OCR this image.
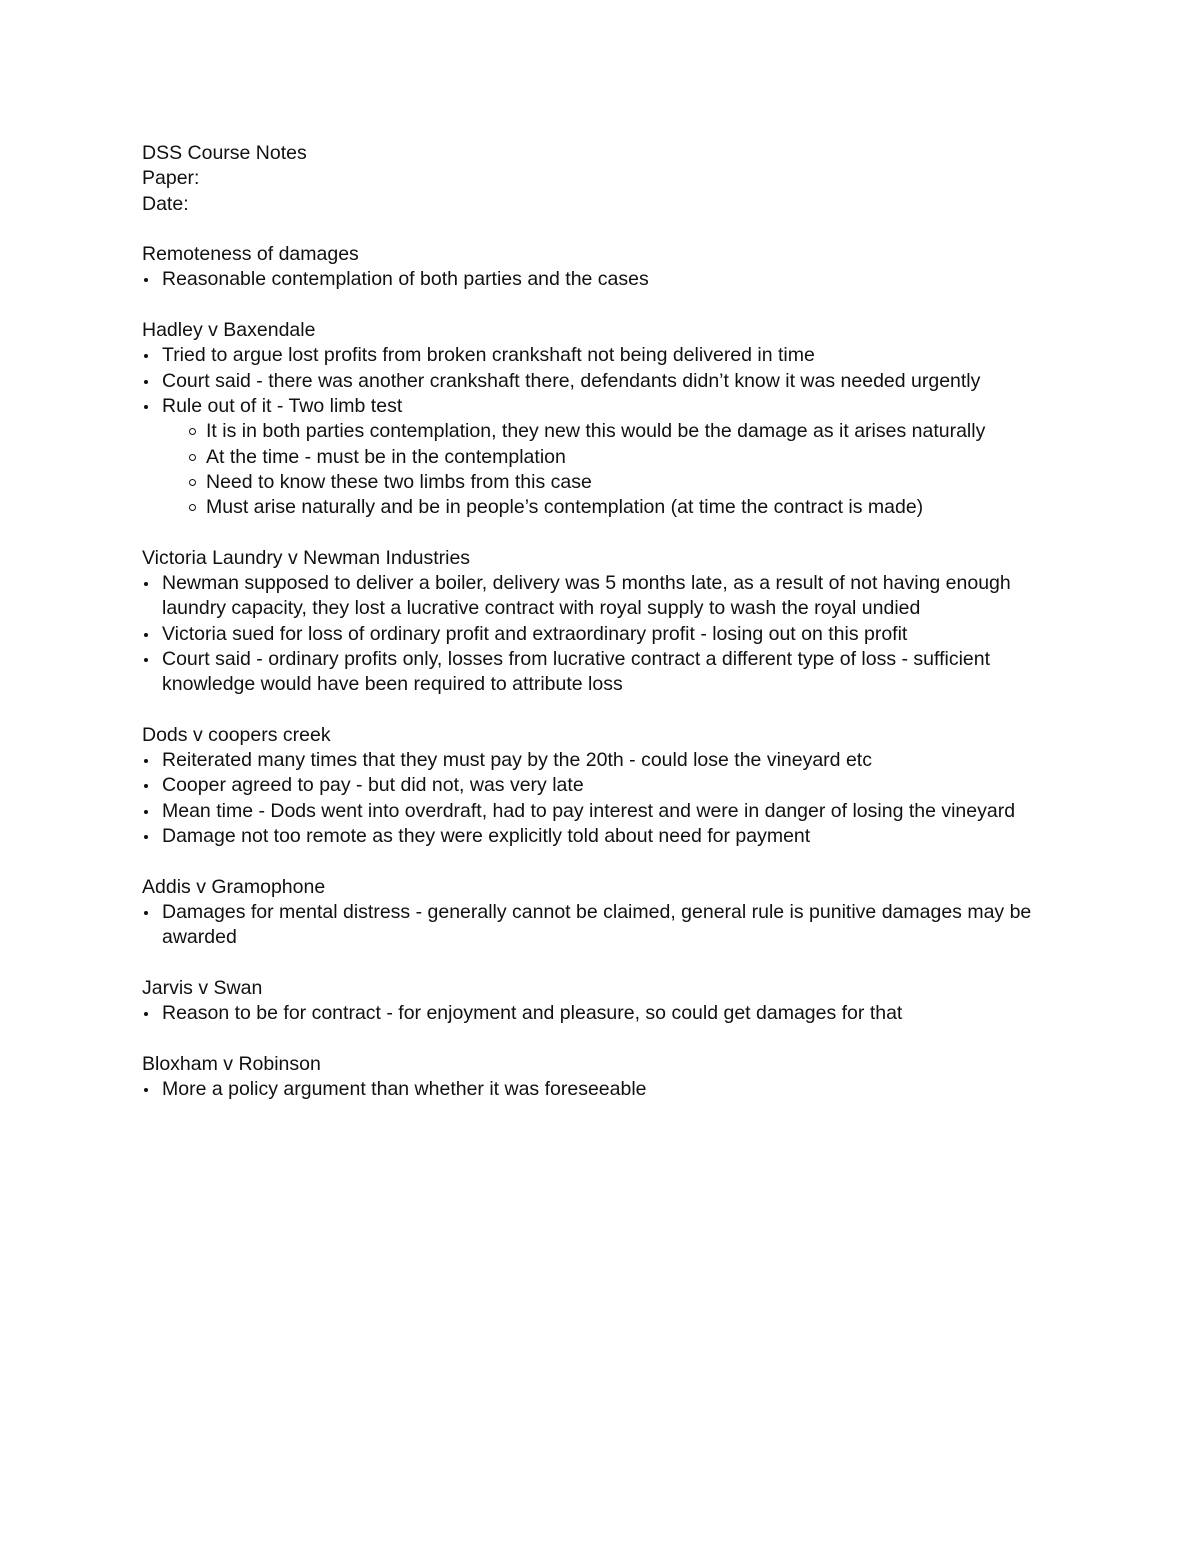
DSS Course Notes
Paper:
Date:
Remoteness of damages
Reasonable contemplation of both parties and the cases
Hadley v Baxendale
Tried to argue lost profits from broken crankshaft not being delivered in time
Court said - there was another crankshaft there, defendants didn’t know it was needed urgently
Rule out of it - Two limb test
It is in both parties contemplation, they new this would be the damage as it arises naturally
At the time - must be in the contemplation
Need to know these two limbs from this case
Must arise naturally and be in people’s contemplation (at time the contract is made)
Victoria Laundry v Newman Industries
Newman supposed to deliver a boiler, delivery was 5 months late, as a result of not having enough laundry capacity, they lost a lucrative contract with royal supply to wash the royal undied
Victoria sued for loss of ordinary profit and extraordinary profit - losing out on this profit
Court said - ordinary profits only, losses from lucrative contract a different type of loss - sufficient knowledge would have been required to attribute loss
Dods v coopers creek
Reiterated many times that they must pay by the 20th - could lose the vineyard etc
Cooper agreed to pay - but did not, was very late
Mean time - Dods went into overdraft, had to pay interest and were in danger of losing the vineyard
Damage not too remote as they were explicitly told about need for payment
Addis v Gramophone
Damages for mental distress - generally cannot be claimed, general rule is punitive damages may be awarded
Jarvis v Swan
Reason to be for contract - for enjoyment and pleasure, so could get damages for that
Bloxham v Robinson
More a policy argument than whether it was foreseeable
